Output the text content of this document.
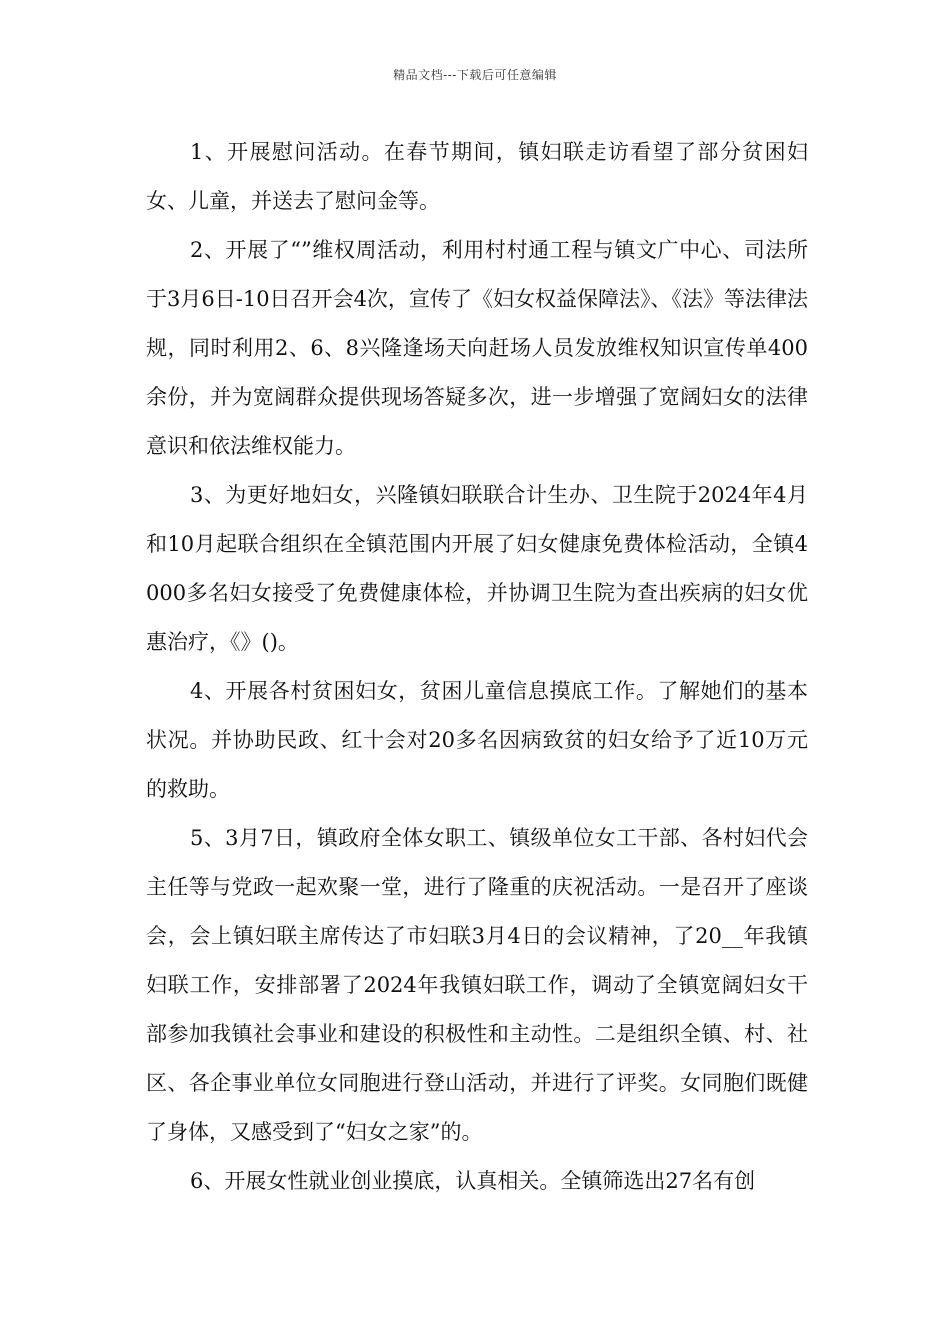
精品文档---下载后可任意编辑

1、开展慰问活动。在春节期间，镇妇联走访看望了部分贫困妇女、儿童，并送去了慰问金等。

2、开展了“”维权周活动，利用村村通工程与镇文广中心、司法所于3月6日-10日召开会4次，宣传了《妇女权益保障法》、《法》等法律法规，同时利用2、6、8兴隆逢场天向赶场人员发放维权知识宣传单400余份，并为宽阔群众提供现场答疑多次，进一步增强了宽阔妇女的法律意识和依法维权能力。

3、为更好地妇女，兴隆镇妇联联合计生办、卫生院于2024年4月和10月起联合组织在全镇范围内开展了妇女健康免费体检活动，全镇4000多名妇女接受了免费健康体检，并协调卫生院为查出疾病的妇女优惠治疗，《》()。

4、开展各村贫困妇女，贫困儿童信息摸底工作。了解她们的基本状况。并协助民政、红十会对20多名因病致贫的妇女给予了近10万元的救助。

5、3月7日，镇政府全体女职工、镇级单位女工干部、各村妇代会主任等与党政一起欢聚一堂，进行了隆重的庆祝活动。一是召开了座谈会，会上镇妇联主席传达了市妇联3月4日的会议精神，了20__年我镇妇联工作，安排部署了2024年我镇妇联工作，调动了全镇宽阔妇女干部参加我镇社会事业和建设的积极性和主动性。二是组织全镇、村、社区、各企事业单位女同胞进行登山活动，并进行了评奖。女同胞们既健了身体，又感受到了“妇女之家”的。

6、开展女性就业创业摸底，认真相关。全镇筛选出27名有创
